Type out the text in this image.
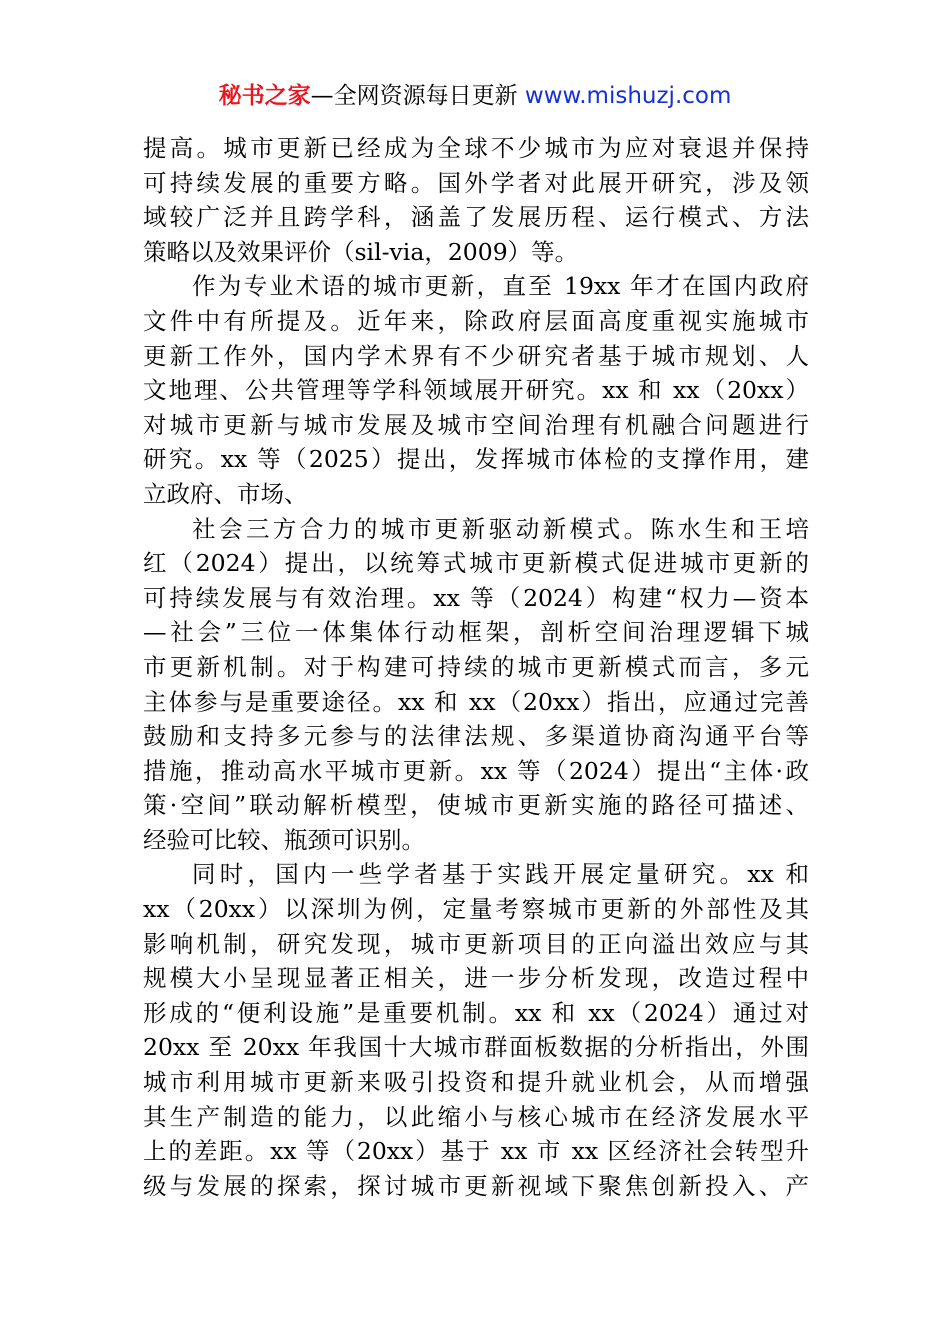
秘书之家—全网资源每日更新 www.mishuzj.com

提高。城市更新已经成为全球不少城市为应对衰退并保持
可持续发展的重要方略。国外学者对此展开研究，涉及领
域较广泛并且跨学科，涵盖了发展历程、运行模式、方法
策略以及效果评价（sil-via，2009）等。

作为专业术语的城市更新，直至 19xx 年才在国内政府
文件中有所提及。近年来，除政府层面高度重视实施城市
更新工作外，国内学术界有不少研究者基于城市规划、人
文地理、公共管理等学科领域展开研究。xx 和 xx（20xx）
对城市更新与城市发展及城市空间治理有机融合问题进行
研究。xx 等（2025）提出，发挥城市体检的支撑作用，建
立政府、市场、

社会三方合力的城市更新驱动新模式。陈水生和王培
红（2024）提出，以统筹式城市更新模式促进城市更新的
可持续发展与有效治理。xx 等（2024）构建“权力—资本
—社会”三位一体集体行动框架，剖析空间治理逻辑下城
市更新机制。对于构建可持续的城市更新模式而言，多元
主体参与是重要途径。xx 和 xx（20xx）指出，应通过完善
鼓励和支持多元参与的法律法规、多渠道协商沟通平台等
措施，推动高水平城市更新。xx 等（2024）提出“主体·政
策·空间”联动解析模型，使城市更新实施的路径可描述、
经验可比较、瓶颈可识别。

同时，国内一些学者基于实践开展定量研究。xx 和
xx（20xx）以深圳为例，定量考察城市更新的外部性及其
影响机制，研究发现，城市更新项目的正向溢出效应与其
规模大小呈现显著正相关，进一步分析发现，改造过程中
形成的“便利设施”是重要机制。xx 和 xx（2024）通过对
20xx 至 20xx 年我国十大城市群面板数据的分析指出，外围
城市利用城市更新来吸引投资和提升就业机会，从而增强
其生产制造的能力，以此缩小与核心城市在经济发展水平
上的差距。xx 等（20xx）基于 xx 市 xx 区经济社会转型升
级与发展的探索，探讨城市更新视域下聚焦创新投入、产
